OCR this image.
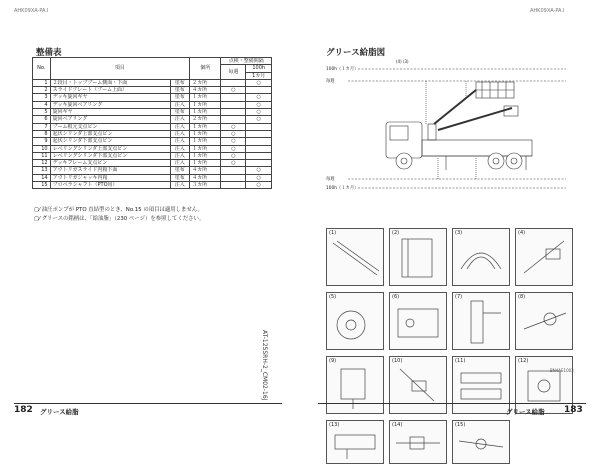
AHK09XA-PA.I
整備表
No.	項目		個所	点検・整備間隔	
				毎週	100h
					1カ月
1	２段目・トップブーム側面・下面	塗布	２カ所		○
2	スライドプレート（ブーム上面）	塗布	４カ所	○	
3	デッキ旋回ギヤ	塗布	１カ所		○
4	デッキ旋回ベアリング	注入	１カ所		○
5	旋回ギヤ	塗布	１カ所		○
6	旋回ベアリング	注入	２カ所		○
7	ブーム根元支点ピン	注入	１カ所	○	
8	起伏シリンダ上部支点ピン	注入	１カ所	○	
9	起伏シリンダ下部支点ピン	注入	１カ所	○	
10	レベリングシリンダ上部支点ピン	注入	１カ所	○	
11	レベリングシリンダ下部支点ピン	注入	１カ所	○	
12	デッキフレーム支点ピン	注入	１カ所	○	
13	アウトリガスライド内箱下面	塗布	４カ所		○
14	アウトリガジャッキ内箱	塗布	４カ所		○
15	プロペラシャフト（PTO用）	注入	３カ所		○
▢⁄ 油圧ポンプが PTO 直結型のとき、No.15 の項目は適用しません。
▢⁄ グリースの銘柄は、「給油脂」（230 ページ）を参照してください。
AT-125SRH-2_CM02-16J
182 グリース給脂
AHK09XA-PA.I
グリース給脂図
(4) (3)
100h（１カ月）
毎週
毎週
100h（１カ月）
(1)	(2)	(3)	(4)
(5)	(6)	(7)	(8)
(9)	(10)	(11)	(12)
(13)	(14)	(15)
BN4AE1003
グリース給脂 183
